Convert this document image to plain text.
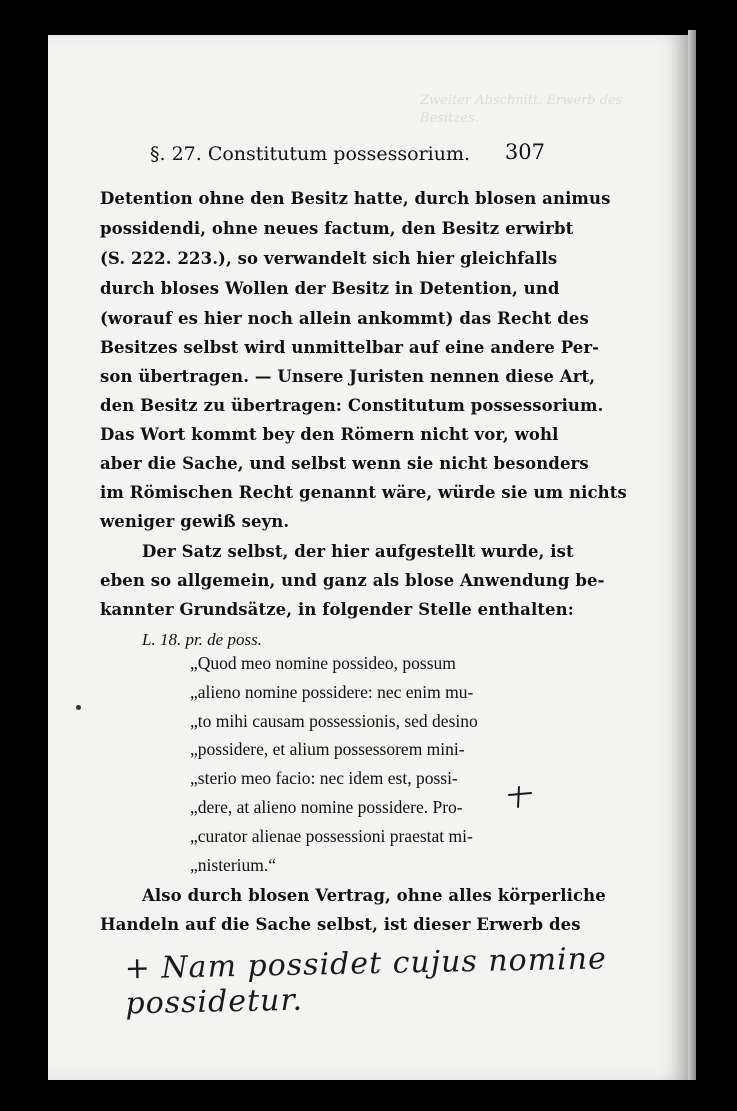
Zweiter Abschnitt. Erwerb des Besitzes.
§. 27. Constitutum possessorium. 307
Detention ohne den Besitz hatte, durch blosen animus
possidendi, ohne neues factum, den Besitz erwirbt
(S. 222. 223.), so verwandelt sich hier gleichfalls
durch bloses Wollen der Besitz in Detention, und
(worauf es hier noch allein ankommt) das Recht des
Besitzes selbst wird unmittelbar auf eine andere Per-
son übertragen. — Unsere Juristen nennen diese Art,
den Besitz zu übertragen: Constitutum possessorium.
Das Wort kommt bey den Römern nicht vor, wohl
aber die Sache, und selbst wenn sie nicht besonders
im Römischen Recht genannt wäre, würde sie um nichts
weniger gewiß seyn.
Der Satz selbst, der hier aufgestellt wurde, ist
eben so allgemein, und ganz als blose Anwendung be-
kannter Grundsätze, in folgender Stelle enthalten:
L. 18. pr. de poss.
„Quod meo nomine possideo, possum
„alieno nomine possidere: nec enim mu-
„to mihi causam possessionis, sed desino
„possidere, et alium possessorem mini-
„sterio meo facio: nec idem est, possi-
„dere, at alieno nomine possidere. Pro-
„curator alienae possessioni praestat mi-
„nisterium.“
Also durch blosen Vertrag, ohne alles körperliche
Handeln auf die Sache selbst, ist dieser Erwerb des
+ Nam possidet cujus nomine possidetur.
